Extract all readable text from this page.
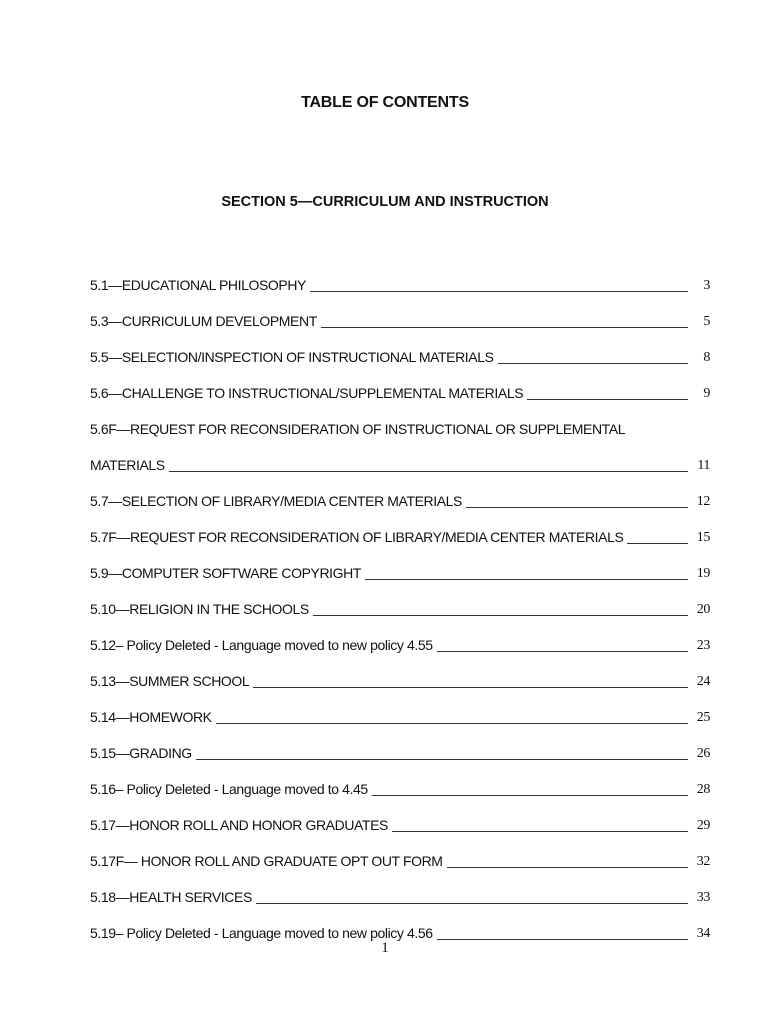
TABLE OF CONTENTS
SECTION 5—CURRICULUM AND INSTRUCTION
5.1—EDUCATIONAL PHILOSOPHY	3
5.3—CURRICULUM DEVELOPMENT	5
5.5—SELECTION/INSPECTION OF INSTRUCTIONAL MATERIALS	8
5.6—CHALLENGE TO INSTRUCTIONAL/SUPPLEMENTAL MATERIALS	9
5.6F—REQUEST FOR RECONSIDERATION OF INSTRUCTIONAL OR SUPPLEMENTAL
MATERIALS	11
5.7—SELECTION OF LIBRARY/MEDIA CENTER MATERIALS	12
5.7F—REQUEST FOR RECONSIDERATION OF LIBRARY/MEDIA CENTER MATERIALS	15
5.9—COMPUTER SOFTWARE COPYRIGHT	19
5.10—RELIGION IN THE SCHOOLS	20
5.12– Policy Deleted - Language moved to new policy 4.55	23
5.13—SUMMER SCHOOL	24
5.14—HOMEWORK	25
5.15—GRADING	26
5.16– Policy Deleted - Language moved to 4.45	28
5.17—HONOR ROLL AND HONOR GRADUATES	29
5.17F— HONOR ROLL AND GRADUATE OPT OUT FORM	32
5.18—HEALTH SERVICES	33
5.19– Policy Deleted - Language moved to new policy 4.56	34
1
